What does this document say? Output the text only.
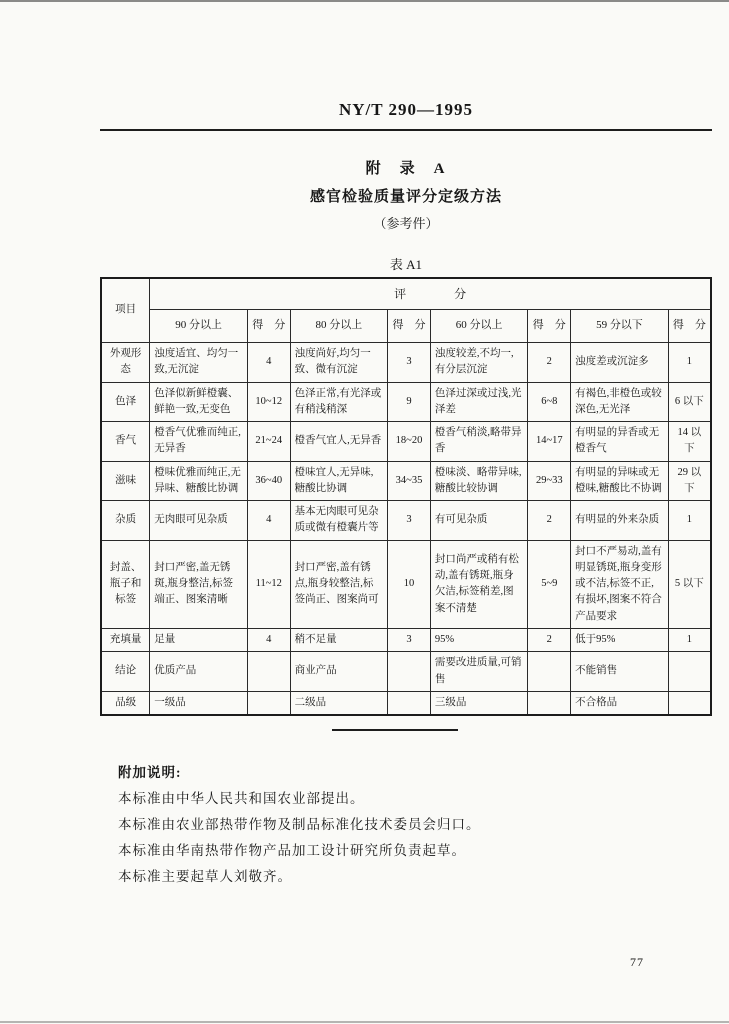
NY/T 290—1995
附　录　A
感官检验质量评分定级方法
（参考件）
表 A1
项目	评　　　　分							
	90 分以上	得　分	80 分以上	得　分	60 分以上	得　分	59 分以下	得　分
外观形态	浊度适宜、均匀一致,无沉淀	4	浊度尚好,均匀一致、微有沉淀	3	浊度较差,不均一,有分层沉淀	2	浊度差或沉淀多	1
色泽	色泽似新鲜橙囊、鲜艳一致,无变色	10~12	色泽正常,有光泽或有稍浅稍深	9	色泽过深或过浅,光泽差	6~8	有褐色,非橙色或较深色,无光泽	6 以下
香气	橙香气优雅而纯正,无异香	21~24	橙香气宜人,无异香	18~20	橙香气稍淡,略带异香	14~17	有明显的异香或无橙香气	14 以下
滋味	橙味优雅而纯正,无异味、糖酸比协调	36~40	橙味宜人,无异味,糖酸比协调	34~35	橙味淡、略带异味,糖酸比较协调	29~33	有明显的异味或无橙味,糖酸比不协调	29 以下
杂质	无肉眼可见杂质	4	基本无肉眼可见杂质或微有橙囊片等	3	有可见杂质	2	有明显的外来杂质	1
封盖、瓶子和标签	封口严密,盖无锈斑,瓶身整洁,标签端正、图案清晰	11~12	封口严密,盖有锈点,瓶身较整洁,标签尚正、图案尚可	10	封口尚严或稍有松动,盖有锈斑,瓶身欠洁,标签稍差,图案不清楚	5~9	封口不严易动,盖有明显锈斑,瓶身变形或不洁,标签不正,有损坏,图案不符合产品要求	5 以下
充填量	足量	4	稍不足量	3	95%	2	低于95%	1
结论	优质产品		商业产品		需要改进质量,可销售		不能销售	
品级	一级品		二级品		三级品		不合格品	
附加说明:
本标准由中华人民共和国农业部提出。
本标准由农业部热带作物及制品标准化技术委员会归口。
本标准由华南热带作物产品加工设计研究所负责起草。
本标准主要起草人刘敬齐。
77
